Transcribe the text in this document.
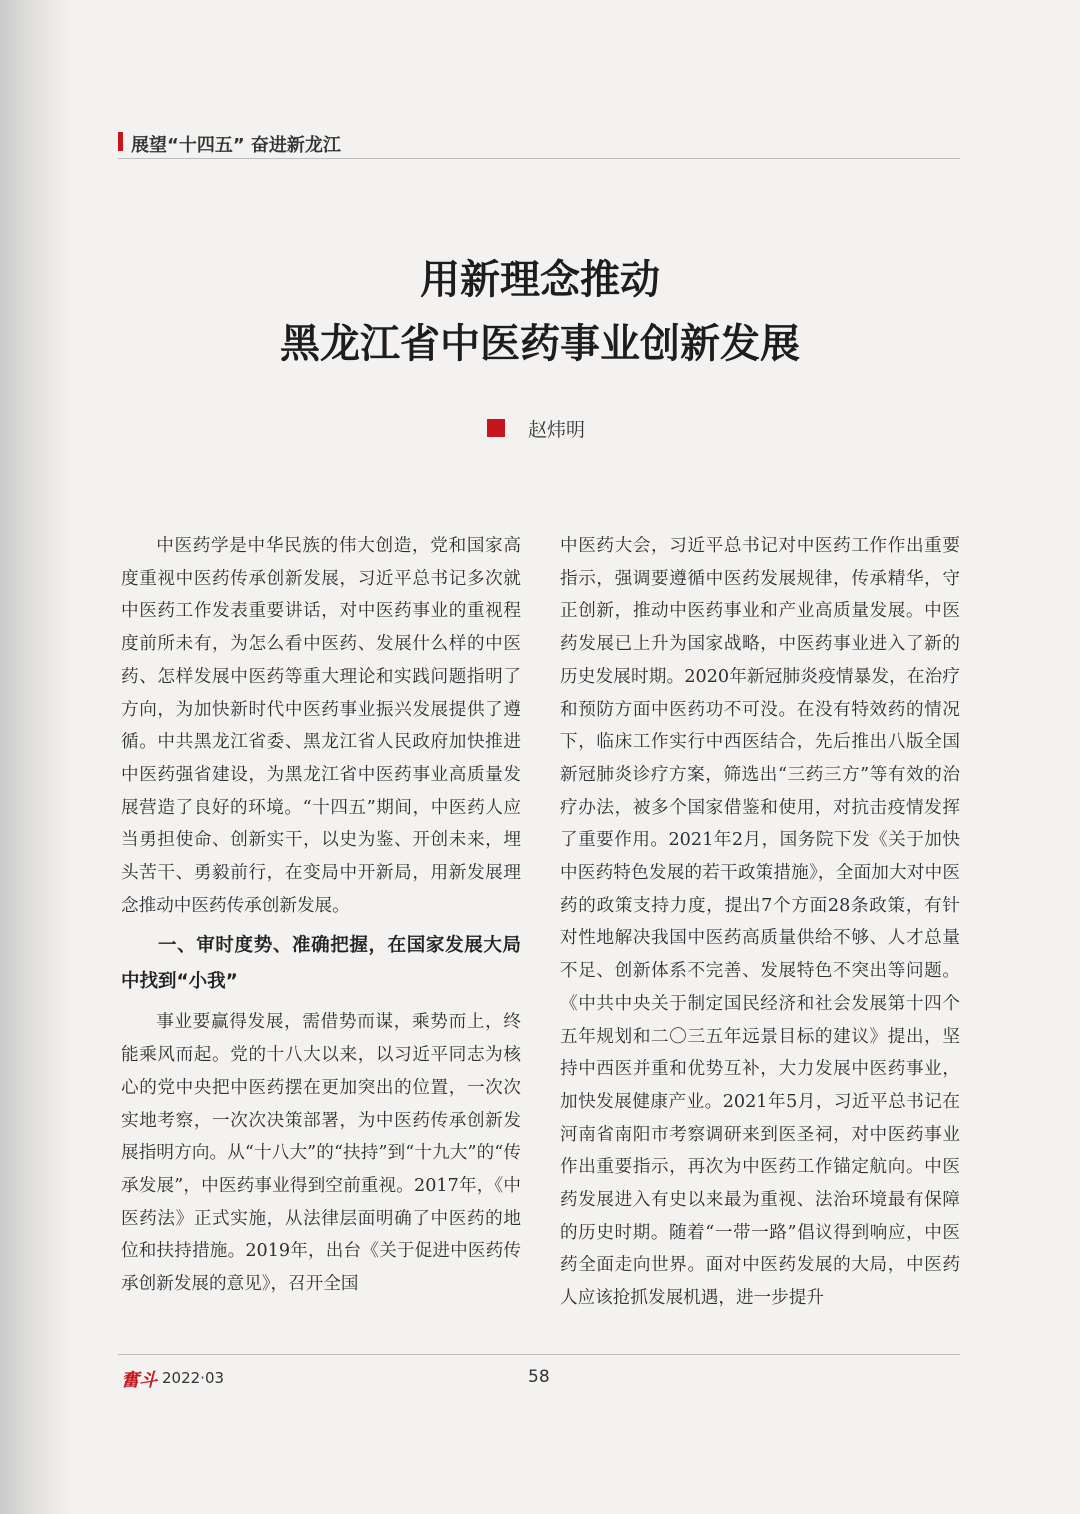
展望“十四五” 奋进新龙江
用新理念推动
黑龙江省中医药事业创新发展
赵炜明

中医药学是中华民族的伟大创造，党和国家高度重视中医药传承创新发展，习近平总书记多次就中医药工作发表重要讲话，对中医药事业的重视程度前所未有，为怎么看中医药、发展什么样的中医药、怎样发展中医药等重大理论和实践问题指明了方向，为加快新时代中医药事业振兴发展提供了遵循。中共黑龙江省委、黑龙江省人民政府加快推进中医药强省建设，为黑龙江省中医药事业高质量发展营造了良好的环境。“十四五”期间，中医药人应当勇担使命、创新实干，以史为鉴、开创未来，埋头苦干、勇毅前行，在变局中开新局，用新发展理念推动中医药传承创新发展。

一、审时度势、准确把握，在国家发展大局中找到“小我”

事业要赢得发展，需借势而谋，乘势而上，终能乘风而起。党的十八大以来，以习近平同志为核心的党中央把中医药摆在更加突出的位置，一次次实地考察，一次次决策部署，为中医药传承创新发展指明方向。从“十八大”的“扶持”到“十九大”的“传承发展”，中医药事业得到空前重视。2017年，《中医药法》正式实施，从法律层面明确了中医药的地位和扶持措施。2019年，出台《关于促进中医药传承创新发展的意见》，召开全国

中医药大会，习近平总书记对中医药工作作出重要指示，强调要遵循中医药发展规律，传承精华，守正创新，推动中医药事业和产业高质量发展。中医药发展已上升为国家战略，中医药事业进入了新的历史发展时期。2020年新冠肺炎疫情暴发，在治疗和预防方面中医药功不可没。在没有特效药的情况下，临床工作实行中西医结合，先后推出八版全国新冠肺炎诊疗方案，筛选出“三药三方”等有效的治疗办法，被多个国家借鉴和使用，对抗击疫情发挥了重要作用。2021年2月，国务院下发《关于加快中医药特色发展的若干政策措施》，全面加大对中医药的政策支持力度，提出7个方面28条政策，有针对性地解决我国中医药高质量供给不够、人才总量不足、创新体系不完善、发展特色不突出等问题。《中共中央关于制定国民经济和社会发展第十四个五年规划和二〇三五年远景目标的建议》提出，坚持中西医并重和优势互补，大力发展中医药事业，加快发展健康产业。2021年5月，习近平总书记在河南省南阳市考察调研来到医圣祠，对中医药事业作出重要指示，再次为中医药工作锚定航向。中医药发展进入有史以来最为重视、法治环境最有保障的历史时期。随着“一带一路”倡议得到响应，中医药全面走向世界。面对中医药发展的大局，中医药人应该抢抓发展机遇，进一步提升

奮斗 2022·03	58
